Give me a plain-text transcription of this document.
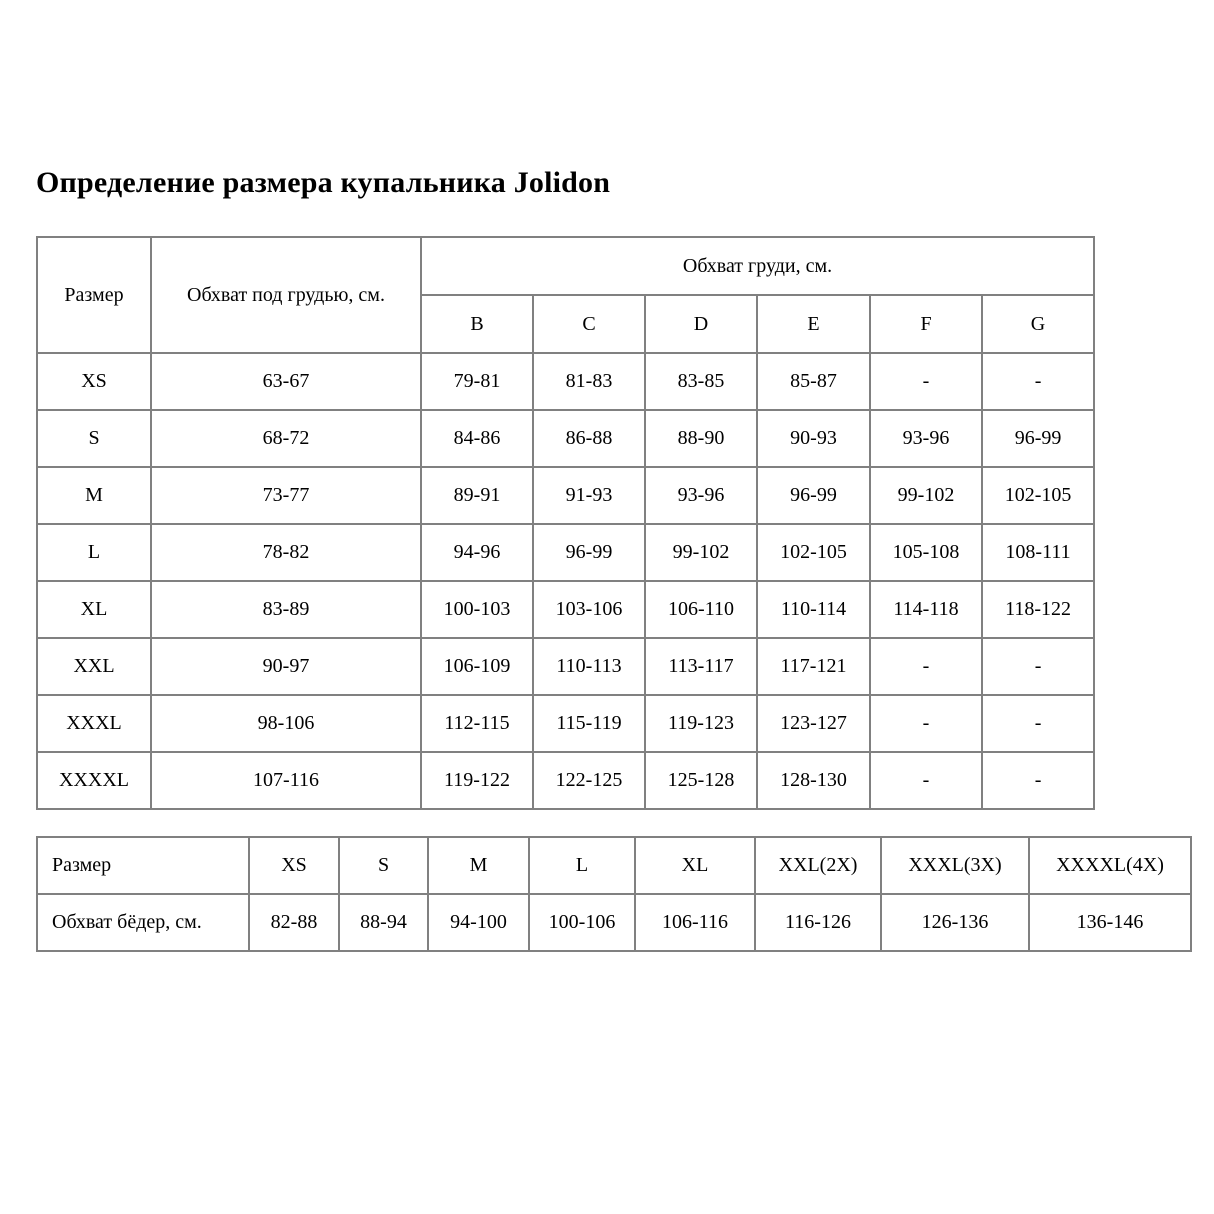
Определение размера купальника Jolidon
Размер	Обхват под грудью, см.	Обхват груди, см.					
		B	C	D	E	F	G
XS	63-67	79-81	81-83	83-85	85-87	-	-
S	68-72	84-86	86-88	88-90	90-93	93-96	96-99
M	73-77	89-91	91-93	93-96	96-99	99-102	102-105
L	78-82	94-96	96-99	99-102	102-105	105-108	108-111
XL	83-89	100-103	103-106	106-110	110-114	114-118	118-122
XXL	90-97	106-109	110-113	113-117	117-121	-	-
XXXL	98-106	112-115	115-119	119-123	123-127	-	-
XXXXL	107-116	119-122	122-125	125-128	128-130	-	-
Размер	XS	S	M	L	XL	XXL(2X)	XXXL(3X)	XXXXL(4X)
Обхват бёдер, см.	82-88	88-94	94-100	100-106	106-116	116-126	126-136	136-146
